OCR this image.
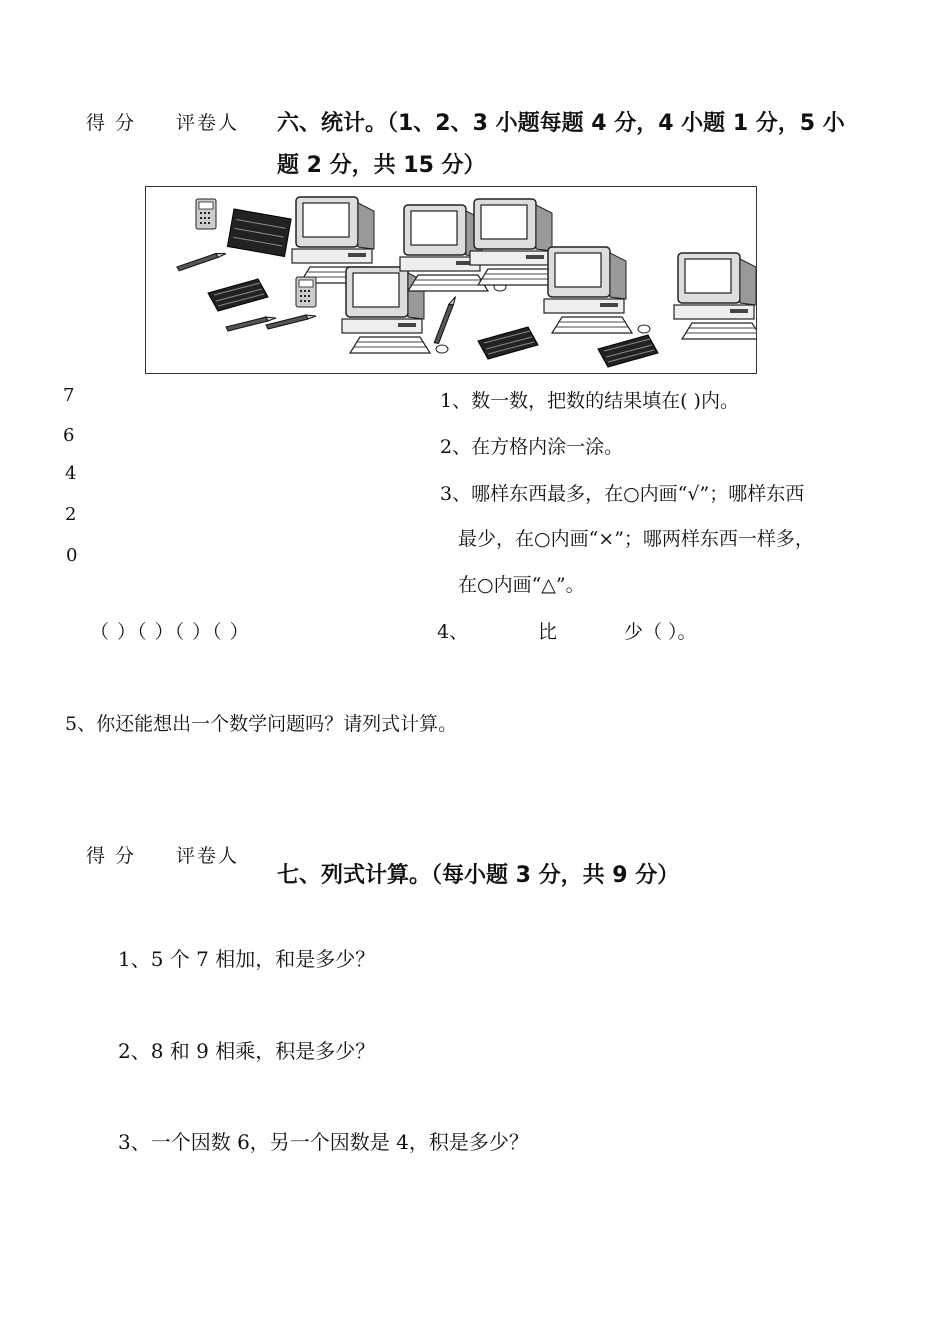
得 分 评卷人 六、统计。（1、2、3 小题每题 4 分，4 小题 1 分，5 小
题 2 分，共 15 分）
7
6
4
2
0
（ ）（ ）（ ）（ ）
1、数一数，把数的结果填在( )内。
2、在方格内涂一涂。
3、哪样东西最多，在○内画“√”；哪样东西
最少，在○内画“×”；哪两样东西一样多，
在○内画“△”。
4、	比	少（ ）。
5、你还能想出一个数学问题吗？请列式计算。
得 分 评卷人
七、列式计算。（每小题 3 分，共 9 分）
1、5 个 7 相加，和是多少？
2、8 和 9 相乘，积是多少？
3、一个因数 6，另一个因数是 4，积是多少？
